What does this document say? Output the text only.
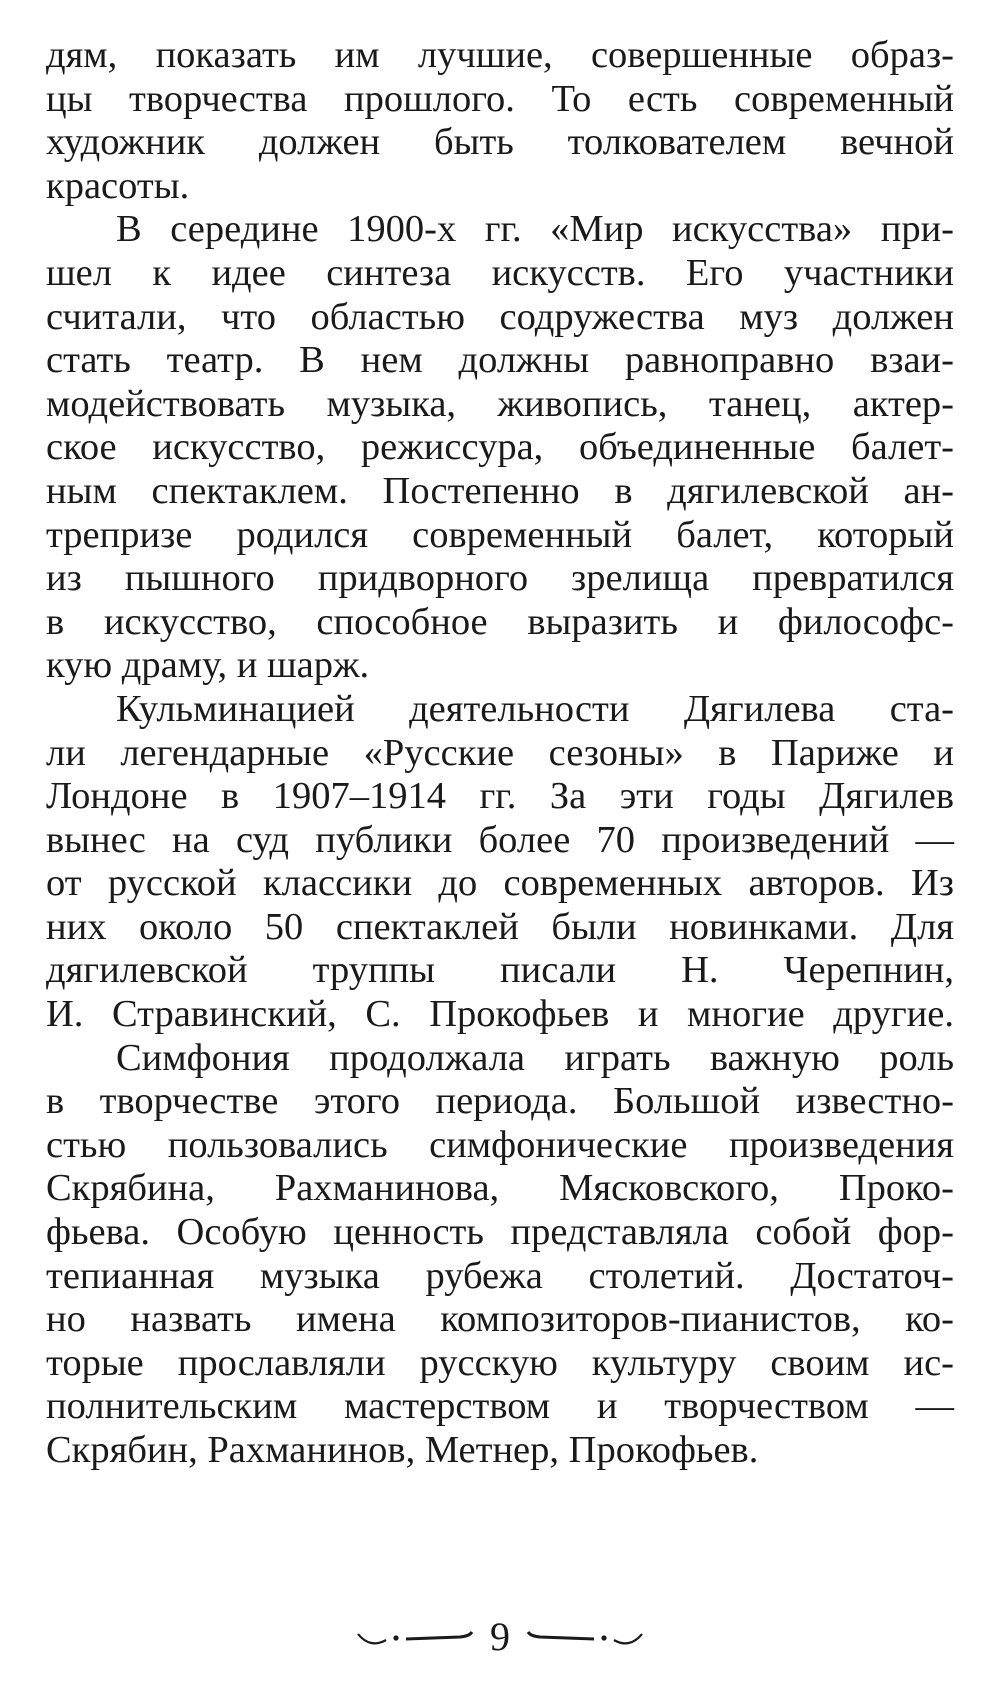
дям, показать им лучшие, совершенные образ-
цы творчества прошлого. То есть современный
художник должен быть толкователем вечной
красоты.
В середине 1900-х гг. «Мир искусства» при-
шел к идее синтеза искусств. Его участники
считали, что областью содружества муз должен
стать театр. В нем должны равноправно взаи-
модействовать музыка, живопись, танец, актер-
ское искусство, режиссура, объединенные балет-
ным спектаклем. Постепенно в дягилевской ан-
трепризе родился современный балет, который
из пышного придворного зрелища превратился
в искусство, способное выразить и философс-
кую драму, и шарж.
Кульминацией деятельности Дягилева ста-
ли легендарные «Русские сезоны» в Париже и
Лондоне в 1907–1914 гг. За эти годы Дягилев
вынес на суд публики более 70 произведений —
от русской классики до современных авторов. Из
них около 50 спектаклей были новинками. Для
дягилевской труппы писали Н. Черепнин,
И. Стравинский, С. Прокофьев и многие другие.
Симфония продолжала играть важную роль
в творчестве этого периода. Большой известно-
стью пользовались симфонические произведения
Скрябина, Рахманинова, Мясковского, Проко-
фьева. Особую ценность представляла собой фор-
тепианная музыка рубежа столетий. Достаточ-
но назвать имена композиторов-пианистов, ко-
торые прославляли русскую культуру своим ис-
полнительским мастерством и творчеством —
Скрябин, Рахманинов, Метнер, Прокофьев.
9
